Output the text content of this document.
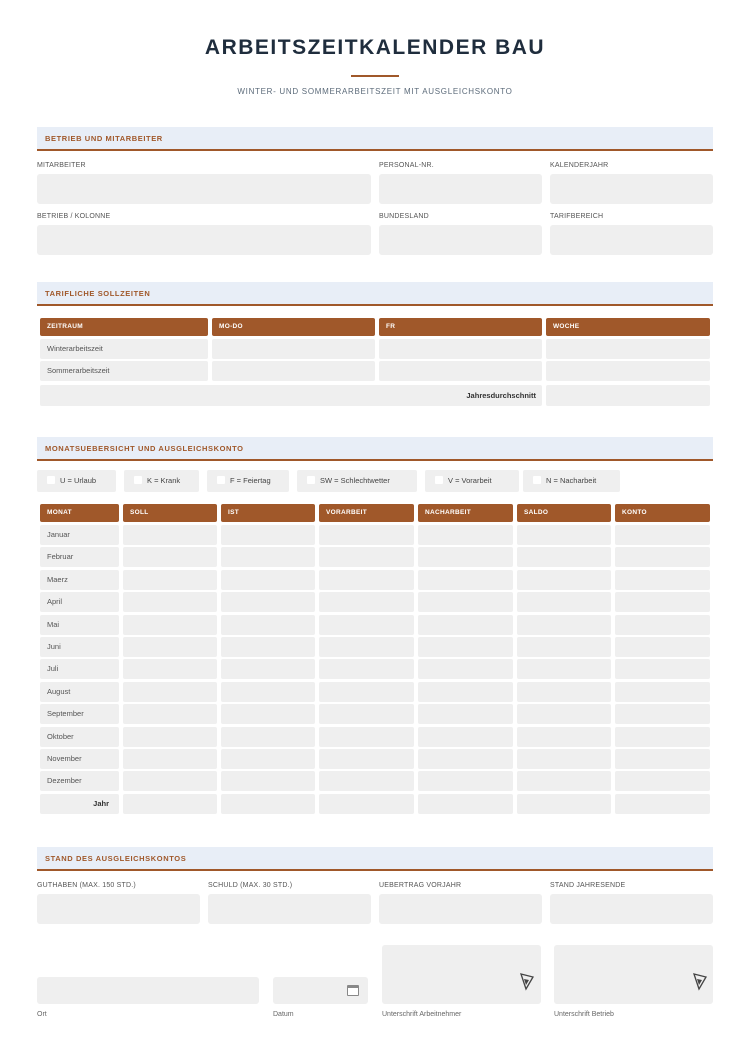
ARBEITSZEITKALENDER BAU
WINTER- UND SOMMERARBEITSZEIT MIT AUSGLEICHSKONTO
BETRIEB UND MITARBEITER
MITARBEITER	PERSONAL-NR.	KALENDERJAHR
BETRIEB / KOLONNE	BUNDESLAND	TARIFBEREICH
TARIFLICHE SOLLZEITEN
ZEITRAUM	MO-DO	FR	WOCHE
Winterarbeitszeit
Sommerarbeitszeit
Jahresdurchschnitt
MONATSUEBERSICHT UND AUSGLEICHSKONTO
U = Urlaub	K = Krank	F = Feiertag	SW = Schlechtwetter	V = Vorarbeit	N = Nacharbeit
MONAT	SOLL	IST	VORARBEIT	NACHARBEIT	SALDO	KONTO
Januar
Februar
Maerz
April
Mai
Juni
Juli
August
September
Oktober
November
Dezember
Jahr
STAND DES AUSGLEICHSKONTOS
GUTHABEN (MAX. 150 STD.)	SCHULD (MAX. 30 STD.)	UEBERTRAG VORJAHR	STAND JAHRESENDE
Ort	Datum	Unterschrift Arbeitnehmer	Unterschrift Betrieb
